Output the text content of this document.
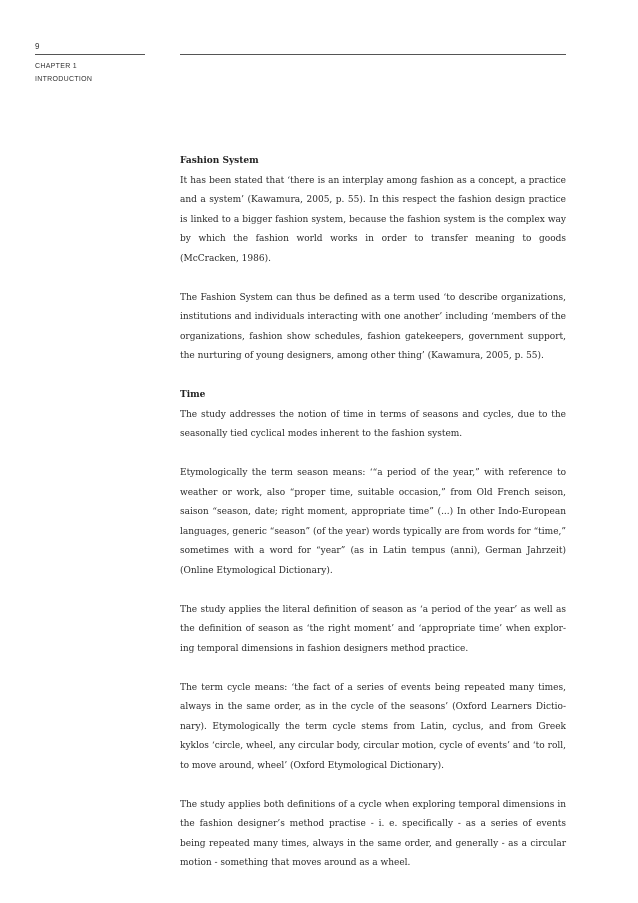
9
CHAPTER 1
INTRODUCTION
Fashion System

It has been stated that ‘there is an interplay among fashion as a concept, a practice and a system’ (Kawamura, 2005, p. 55). In this respect the fashion design practice is linked to a bigger fashion system, because the fashion system is the complex way by which the fashion world works in order to transfer meaning to goods (McCracken, 1986).

The Fashion System can thus be defined as a term used ‘to describe organizations, institutions and individuals interacting with one another’ including ‘members of the organizations, fashion show schedules, fashion gatekeepers, government support, the nurturing of young designers, among other thing’ (Kawamura, 2005, p. 55).

Time

The study addresses the notion of time in terms of seasons and cycles, due to the seasonally tied cyclical modes inherent to the fashion system.

Etymologically the term season means: ‘“a period of the year,” with reference to weather or work, also “proper time, suitable occasion,” from Old French seison, saison “season, date; right moment, appropriate time” (...) In other Indo-European languages, generic “season” (of the year) words typically are from words for “time,” sometimes with a word for “year” (as in Latin tempus (anni), German Jahrzeit) (Online Etymological Dictionary).

The study applies the literal definition of season as ‘a period of the year’ as well as the definition of season as ‘the right moment’ and ‘appropriate time’ when exploring temporal dimensions in fashion designers method practice.

The term cycle means: ‘the fact of a series of events being repeated many times, always in the same order, as in the cycle of the seasons’ (Oxford Learners Dictionary). Etymologically the term cycle stems from Latin, cyclus, and from Greek kyklos ‘circle, wheel, any circular body, circular motion, cycle of events’ and ‘to roll, to move around, wheel’ (Oxford Etymological Dictionary).

The study applies both definitions of a cycle when exploring temporal dimensions in the fashion designer’s method practise - i. e. specifically - as a series of events being repeated many times, always in the same order, and generally - as a circular motion - something that moves around as a wheel.
